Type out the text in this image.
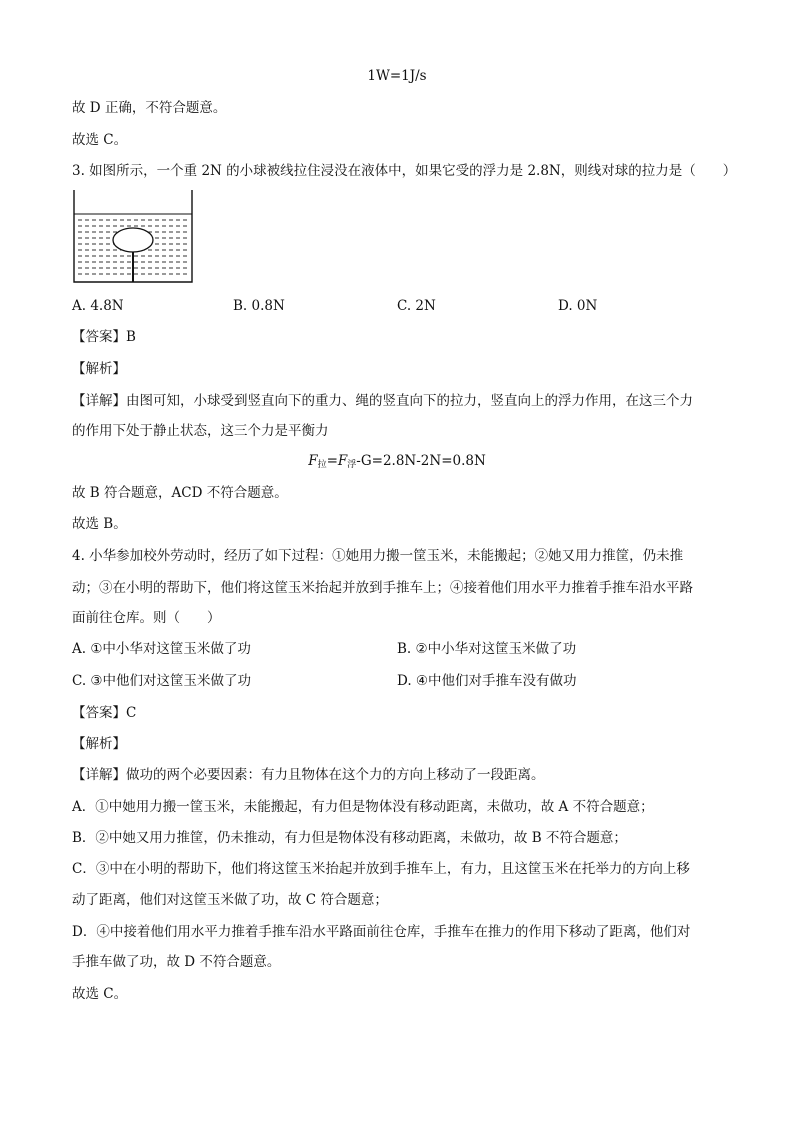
1W=1J/s
故 D 正确，不符合题意。
故选 C。
3. 如图所示，一个重 2N 的小球被线拉住浸没在液体中，如果它受的浮力是 2.8N，则线对球的拉力是（　　）
A. 4.8N	B. 0.8N	C. 2N	D. 0N
【答案】B
【解析】
【详解】由图可知，小球受到竖直向下的重力、绳的竖直向下的拉力，竖直向上的浮力作用，在这三个力
的作用下处于静止状态，这三个力是平衡力
$F_拉=F_浮-G=2.8N-2N=0.8N$
故 B 符合题意，ACD 不符合题意。
故选 B。
4. 小华参加校外劳动时，经历了如下过程：①她用力搬一筐玉米，未能搬起；②她又用力推筐，仍未推
动；③在小明的帮助下，他们将这筐玉米抬起并放到手推车上；④接着他们用水平力推着手推车沿水平路
面前往仓库。则（　　）
A. ①中小华对这筐玉米做了功	B. ②中小华对这筐玉米做了功
C. ③中他们对这筐玉米做了功	D. ④中他们对手推车没有做功
【答案】C
【解析】
【详解】做功的两个必要因素：有力且物体在这个力的方向上移动了一段距离。
A．①中她用力搬一筐玉米，未能搬起，有力但是物体没有移动距离，未做功，故 A 不符合题意；
B．②中她又用力推筐，仍未推动，有力但是物体没有移动距离，未做功，故 B 不符合题意；
C．③中在小明的帮助下，他们将这筐玉米抬起并放到手推车上，有力，且这筐玉米在托举力的方向上移
动了距离，他们对这筐玉米做了功，故 C 符合题意；
D．④中接着他们用水平力推着手推车沿水平路面前往仓库，手推车在推力的作用下移动了距离，他们对
手推车做了功，故 D 不符合题意。
故选 C。
